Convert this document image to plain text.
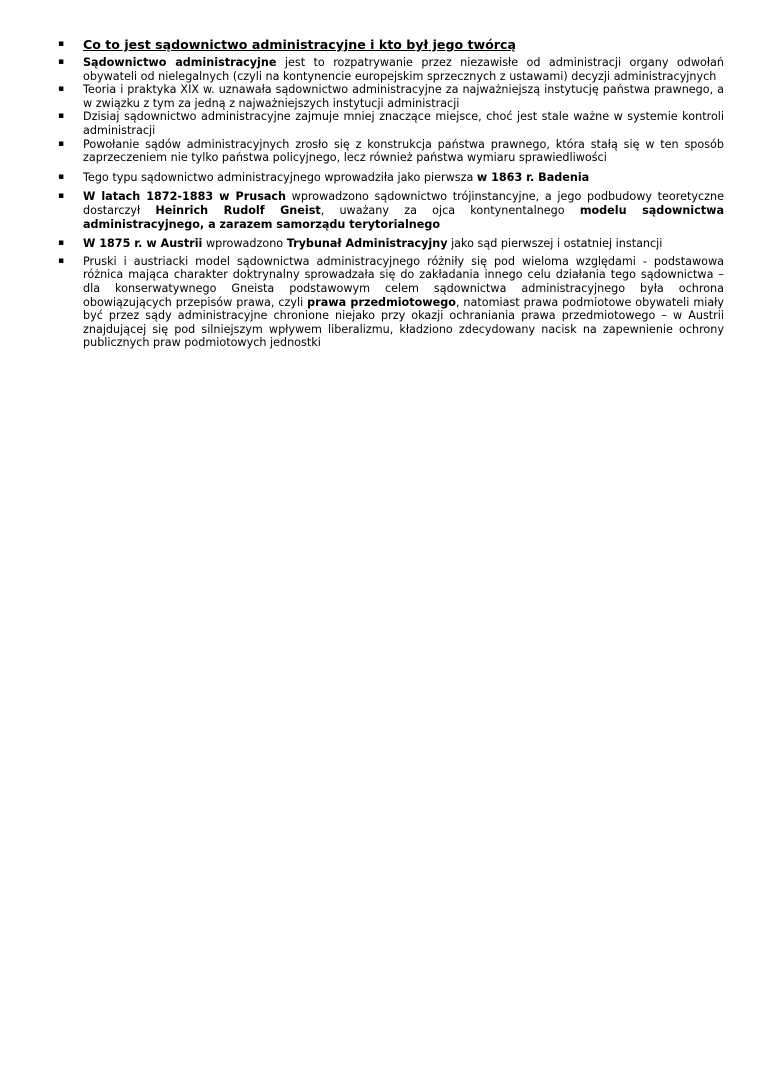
▪	Co to jest sądownictwo administracyjne i kto był jego twórcą
▪	Sądownictwo administracyjne jest to rozpatrywanie przez niezawisłe od administracji organy odwołań obywateli od nielegalnych (czyli na kontynencie europejskim sprzecznych z ustawami) decyzji administracyjnych
▪	Teoria i praktyka XIX w. uznawała sądownictwo administracyjne za najważniejszą instytucję państwa prawnego, a w związku z tym za jedną z najważniejszych instytucji administracji
▪	Dzisiaj sądownictwo administracyjne zajmuje mniej znaczące miejsce, choć jest stale ważne w systemie kontroli administracji
▪	Powołanie sądów administracyjnych zrosło się z konstrukcja państwa prawnego, która stałą się w ten sposób zaprzeczeniem nie tylko państwa policyjnego, lecz również państwa wymiaru sprawiedliwości
▪	Tego typu sądownictwo administracyjnego wprowadziła jako pierwsza w 1863 r. Badenia
▪	W latach 1872-1883 w Prusach wprowadzono sądownictwo trójinstancyjne, a jego podbudowy teoretyczne dostarczył Heinrich Rudolf Gneist, uważany za ojca kontynentalnego modelu sądownictwa administracyjnego, a zarazem samorządu terytorialnego
▪	W 1875 r. w Austrii wprowadzono Trybunał Administracyjny jako sąd pierwszej i ostatniej instancji
▪	Pruski i austriacki model sądownictwa administracyjnego różniły się pod wieloma względami - podstawowa różnica mająca charakter doktrynalny sprowadzała się do zakładania innego celu działania tego sądownictwa – dla konserwatywnego Gneista podstawowym celem sądownictwa administracyjnego była ochrona obowiązujących przepisów prawa, czyli prawa przedmiotowego, natomiast prawa podmiotowe obywateli miały być przez sądy administracyjne chronione niejako przy okazji ochraniania prawa przedmiotowego – w Austrii znajdującej się pod silniejszym wpływem liberalizmu, kładziono zdecydowany nacisk na zapewnienie ochrony publicznych praw podmiotowych jednostki
